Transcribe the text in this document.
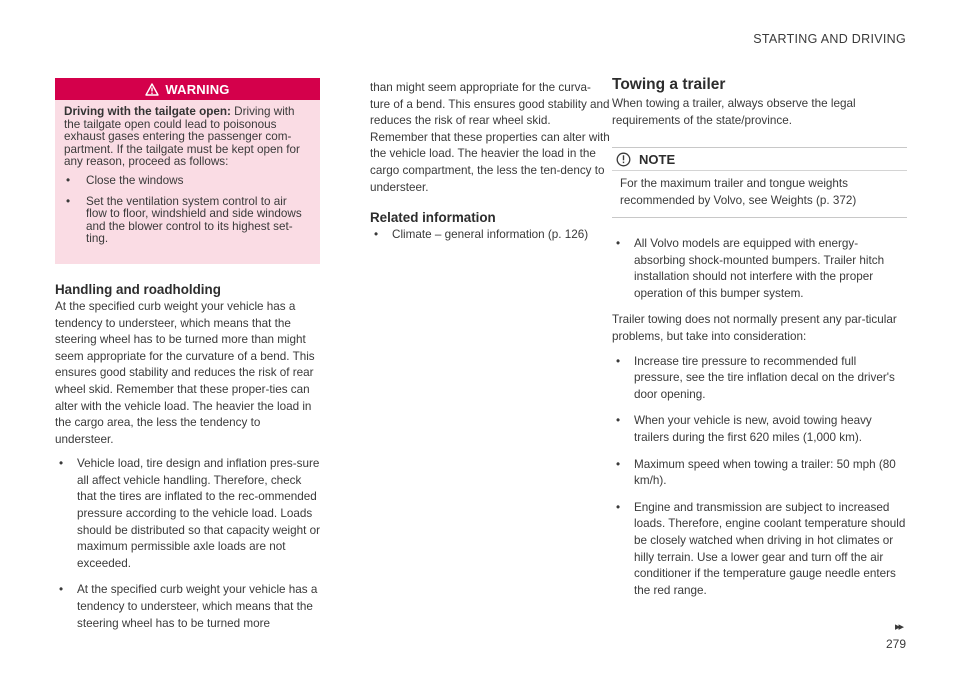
STARTING AND DRIVING
WARNING
Driving with the tailgate open: Driving with the tailgate open could lead to poisonous exhaust gases entering the passenger com-partment. If the tailgate must be kept open for any reason, proceed as follows:
• Close the windows
• Set the ventilation system control to air flow to floor, windshield and side windows and the blower control to its highest set-ting.
Handling and roadholding

At the specified curb weight your vehicle has a tendency to understeer, which means that the steering wheel has to be turned more than might seem appropriate for the curvature of a bend. This ensures good stability and reduces the risk of rear wheel skid. Remember that these proper-ties can alter with the vehicle load. The heavier the load in the cargo area, the less the tendency to understeer.

• Vehicle load, tire design and inflation pres-sure all affect vehicle handling. Therefore, check that the tires are inflated to the rec-ommended pressure according to the vehicle load. Loads should be distributed so that capacity weight or maximum permissible axle loads are not exceeded.
• At the specified curb weight your vehicle has a tendency to understeer, which means that the steering wheel has to be turned more

than might seem appropriate for the curva-ture of a bend. This ensures good stability and reduces the risk of rear wheel skid. Remember that these properties can alter with the vehicle load. The heavier the load in the cargo compartment, the less the ten-dency to understeer.

Related information
• Climate – general information (p. 126)
Towing a trailer

When towing a trailer, always observe the legal requirements of the state/province.

NOTE
For the maximum trailer and tongue weights recommended by Volvo, see Weights (p. 372)
• All Volvo models are equipped with energy-absorbing shock-mounted bumpers. Trailer hitch installation should not interfere with the proper operation of this bumper system.

Trailer towing does not normally present any par-ticular problems, but take into consideration:

• Increase tire pressure to recommended full pressure, see the tire inflation decal on the driver's door opening.
• When your vehicle is new, avoid towing heavy trailers during the first 620 miles (1,000 km).
• Maximum speed when towing a trailer: 50 mph (80 km/h).
• Engine and transmission are subject to increased loads. Therefore, engine coolant temperature should be closely watched when driving in hot climates or hilly terrain. Use a lower gear and turn off the air conditioner if the temperature gauge needle enters the red range.
▸▸
279
